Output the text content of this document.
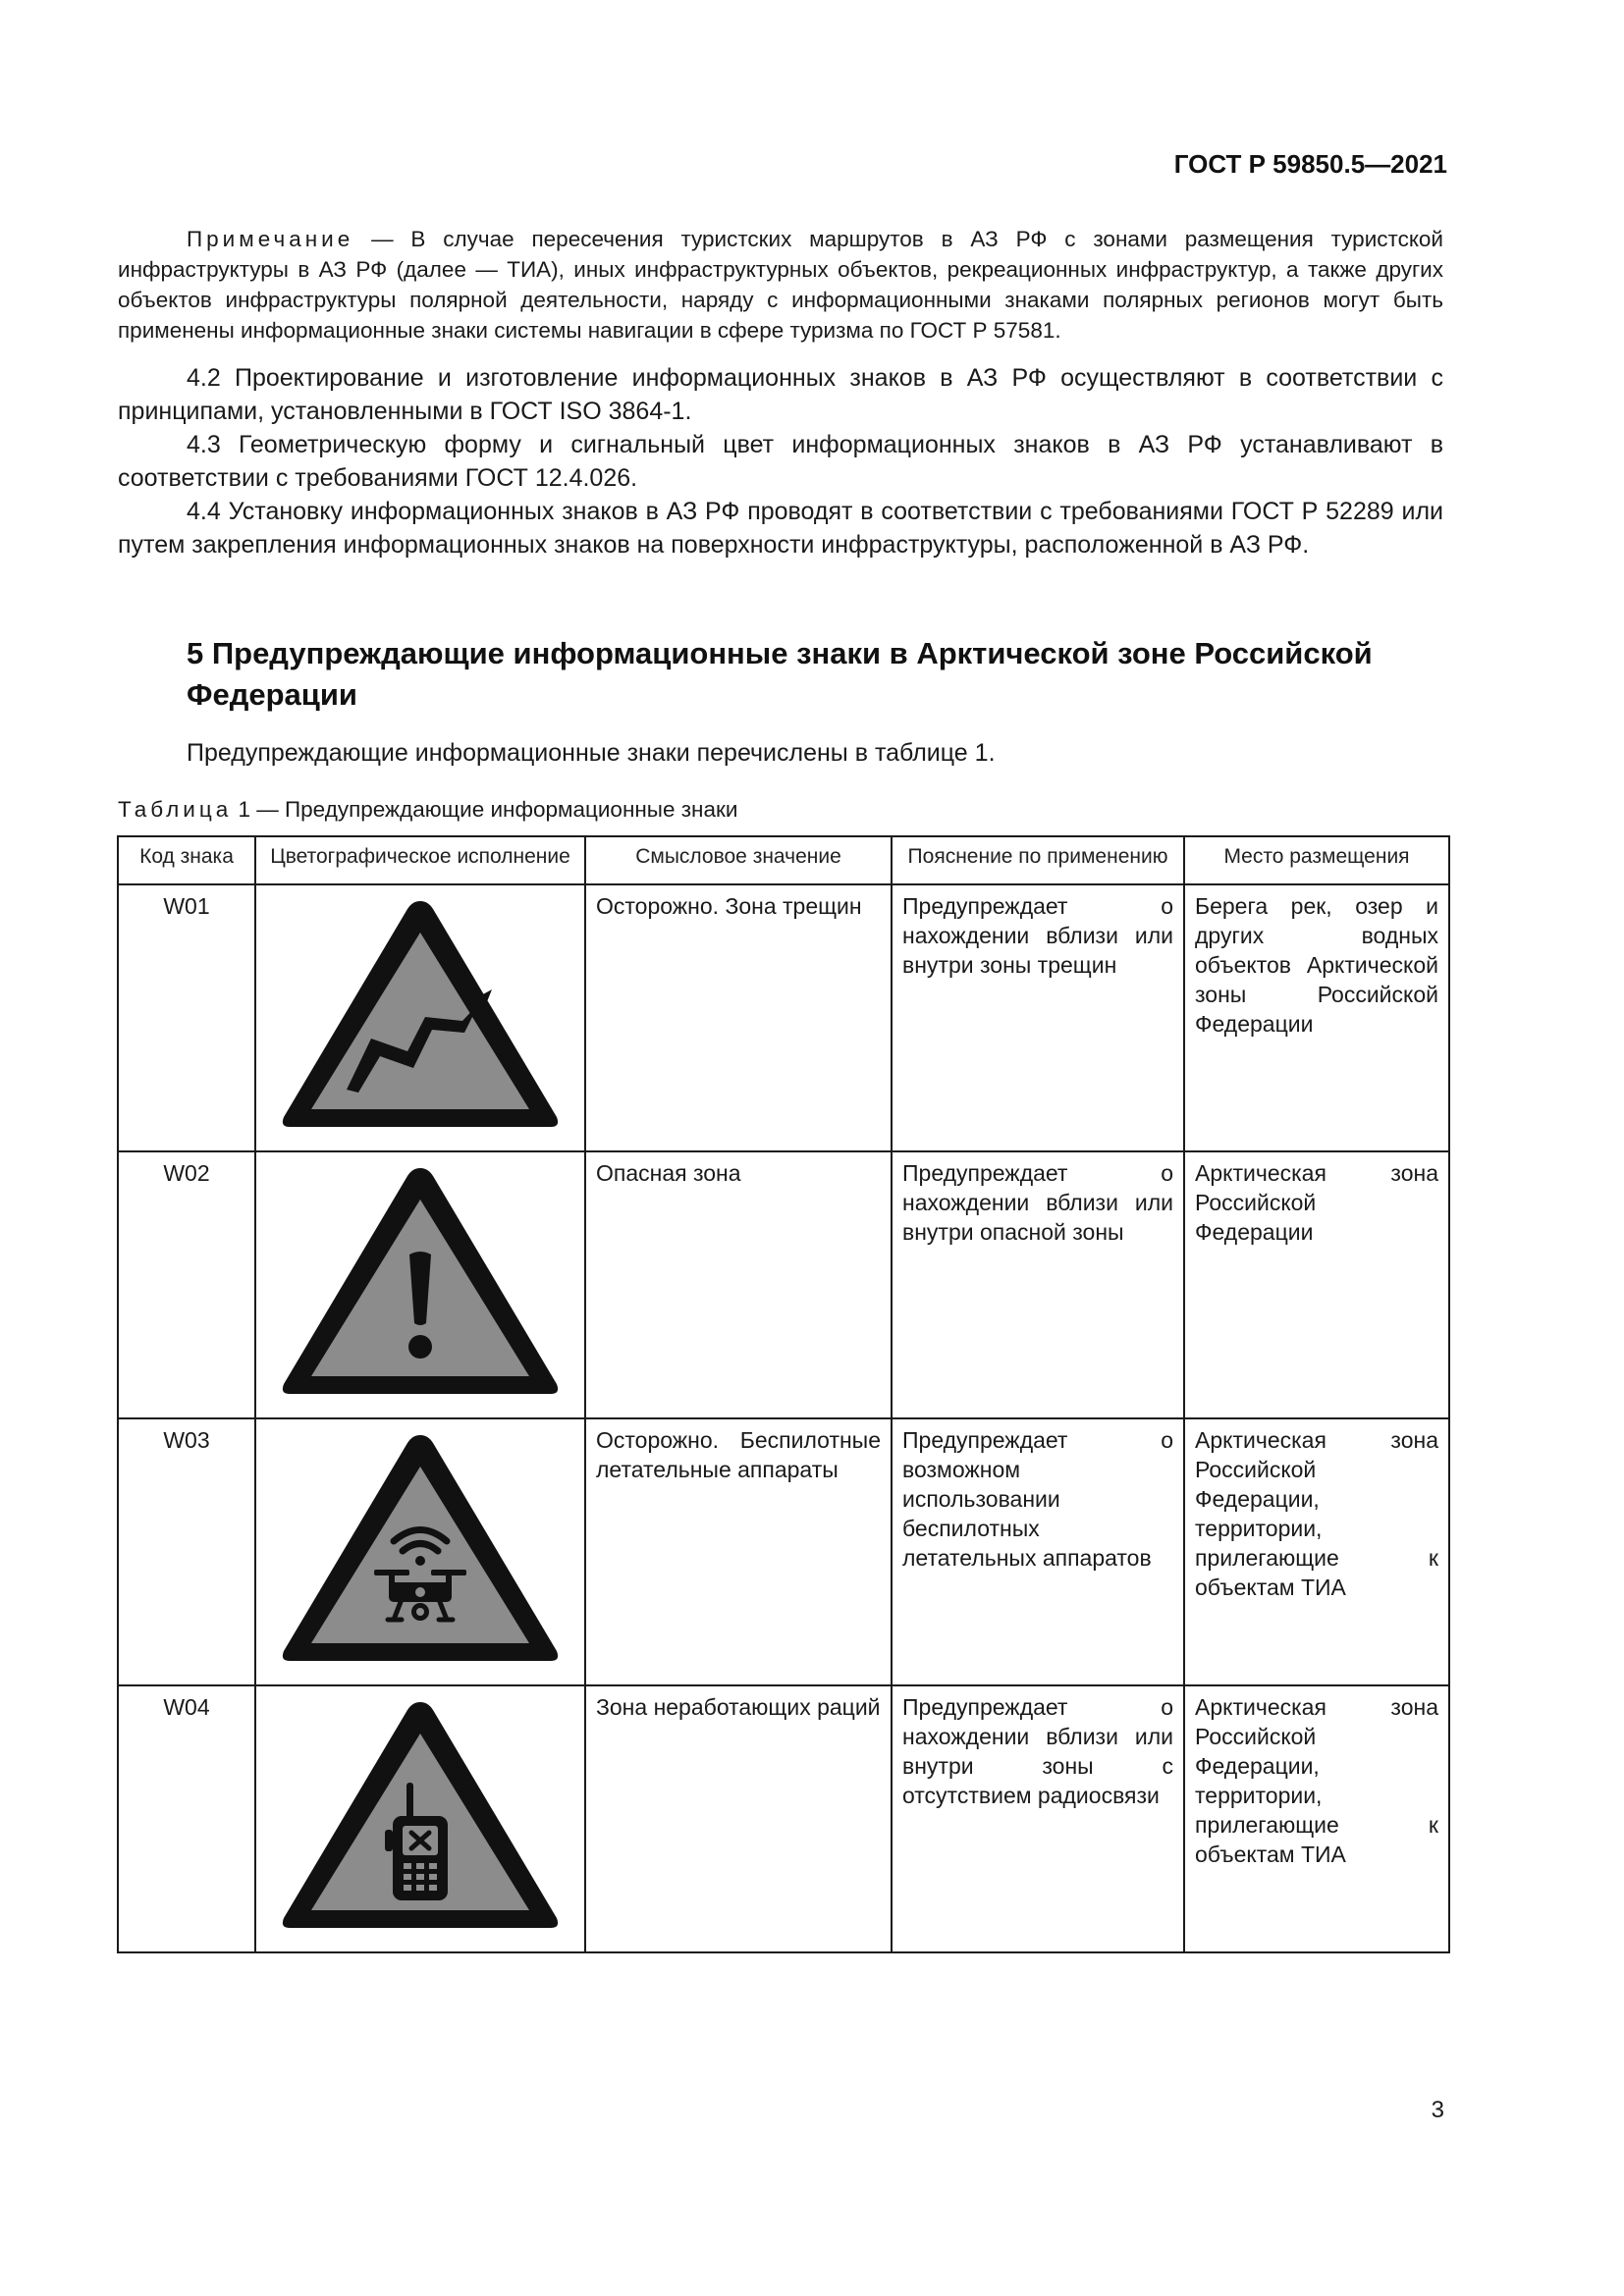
ГОСТ Р 59850.5—2021
Примечание — В случае пересечения туристских маршрутов в АЗ РФ с зонами размещения туристской инфраструктуры в АЗ РФ (далее — ТИА), иных инфраструктурных объектов, рекреационных инфраструктур, а также других объектов инфраструктуры полярной деятельности, наряду с информационными знаками полярных регионов могут быть применены информационные знаки системы навигации в сфере туризма по ГОСТ Р 57581.
4.2 Проектирование и изготовление информационных знаков в АЗ РФ осуществляют в соответствии с принципами, установленными в ГОСТ ISO 3864-1.
4.3 Геометрическую форму и сигнальный цвет информационных знаков в АЗ РФ устанавливают в соответствии с требованиями ГОСТ 12.4.026.
4.4 Установку информационных знаков в АЗ РФ проводят в соответствии с требованиями ГОСТ Р 52289 или путем закрепления информационных знаков на поверхности инфраструктуры, расположенной в АЗ РФ.
5 Предупреждающие информационные знаки в Арктической зоне Российской Федерации
Предупреждающие информационные знаки перечислены в таблице 1.
Таблица 1 — Предупреждающие информационные знаки
Код знака	Цветографическое исполнение	Смысловое значение	Пояснение по применению	Место размещения
W01		Осторожно. Зона трещин	Предупреждает о нахождении вблизи или внутри зоны трещин	Берега рек, озер и других водных объектов Арктической зоны Российской Федерации
W02		Опасная зона	Предупреждает о нахождении вблизи или внутри опасной зоны	Арктическая зона Российской Федерации
W03		Осторожно. Беспилотные летательные аппараты	Предупреждает о возможном использовании беспилотных летательных аппаратов	Арктическая зона Российской Федерации, территории, прилегающие к объектам ТИА
W04		Зона неработающих раций	Предупреждает о нахождении вблизи или внутри зоны с отсутствием радиосвязи	Арктическая зона Российской Федерации, территории, прилегающие к объектам ТИА
3
